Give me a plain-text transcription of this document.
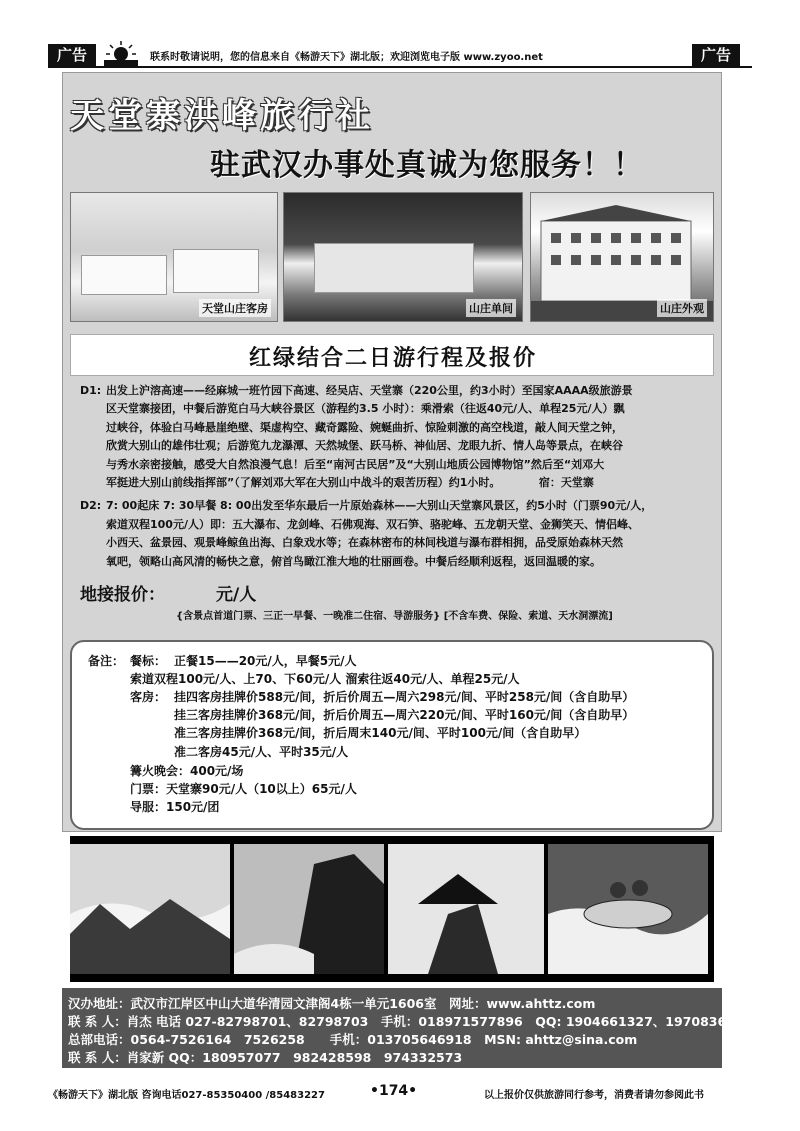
广告	联系时敬请说明，您的信息来自《畅游天下》湖北版；欢迎浏览电子版 www.zyoo.net	广告
天堂寨洪峰旅行社
驻武汉办事处真诚为您服务！！
天堂山庄客房	山庄单间	山庄外观
红绿结合二日游行程及报价
D1: 出发上沪溶高速——经麻城一班竹园下高速、经吴店、天堂寨（220公里，约3小时）至国家AAAA级旅游景
区天堂寨接团，中餐后游览白马大峡谷景区（游程约3.5 小时）：乘滑索（往返40元/人、单程25元/人）飘
过峡谷，体验白马峰悬崖绝壁、渠虚构空、藏奇露险、婉蜒曲折、惊险刺激的高空栈道，敲人间天堂之钟，
欣赏大别山的雄伟壮观；后游览九龙瀑潭、天然城堡、跃马桥、神仙居、龙眼九折、情人岛等景点，在峡谷
与秀水亲密接触，感受大自然浪漫气息！后至“南河古民居”及“大别山地质公园博物馆”然后至“刘邓大
军挺进大别山前线指挥部”（了解刘邓大军在大别山中战斗的艰苦历程）约1小时。　　　　宿：天堂寨
D2: 7: 00起床 7: 30早餐 8: 00出发至华东最后一片原始森林——大别山天堂寨风景区，约5小时（门票90元/人，
索道双程100元/人）即：五大瀑布、龙剑峰、石佛观海、双石笋、骆驼峰、五龙朝天堂、金狮笑天、情侣峰、
小西天、盆景园、观景峰鲸鱼出海、白象戏水等；在森林密布的林间栈道与瀑布群相拥，品受原始森林天然
氧吧，领略山高风清的畅快之意，俯首鸟瞰江淮大地的壮丽画卷。中餐后经顺利返程，返回温暖的家。
地接报价：	元/人
{含景点首道门票、三正一早餐、一晚准二住宿、导游服务} [不含车费、保险、索道、天水洞漂流]
备注： 餐标： 正餐15——20元/人，早餐5元/人
索道双程100元/人、上70、下60元/人 溜索往返40元/人、单程25元/人
客房： 挂四客房挂牌价588元/间，折后价周五—周六298元/间、平时258元/间（含自助早）
挂三客房挂牌价368元/间，折后价周五—周六220元/间、平时160元/间（含自助早）
准三客房挂牌价368元/间，折后周末140元/间、平时100元/间（含自助早）
准二客房45元/人、平时35元/人
篝火晚会：400元/场
门票：天堂寨90元/人（10以上）65元/人
导服：150元/团
汉办地址：武汉市江岸区中山大道华清园文津阁4栋一单元1606室　网址：www.ahttz.com
联 系 人：肖杰 电话 027-82798701、82798703　手机：018971577896　QQ: 1904661327、1970836015
总部电话：0564-7526164　7526258　　手机：013705646918　MSN: ahttz@sina.com
联 系 人：肖家新 QQ：180957077　982428598　974332573
《畅游天下》湖北版 咨询电话027-85350400 /85483227	•174•	以上报价仅供旅游同行参考，消费者请勿参阅此书
